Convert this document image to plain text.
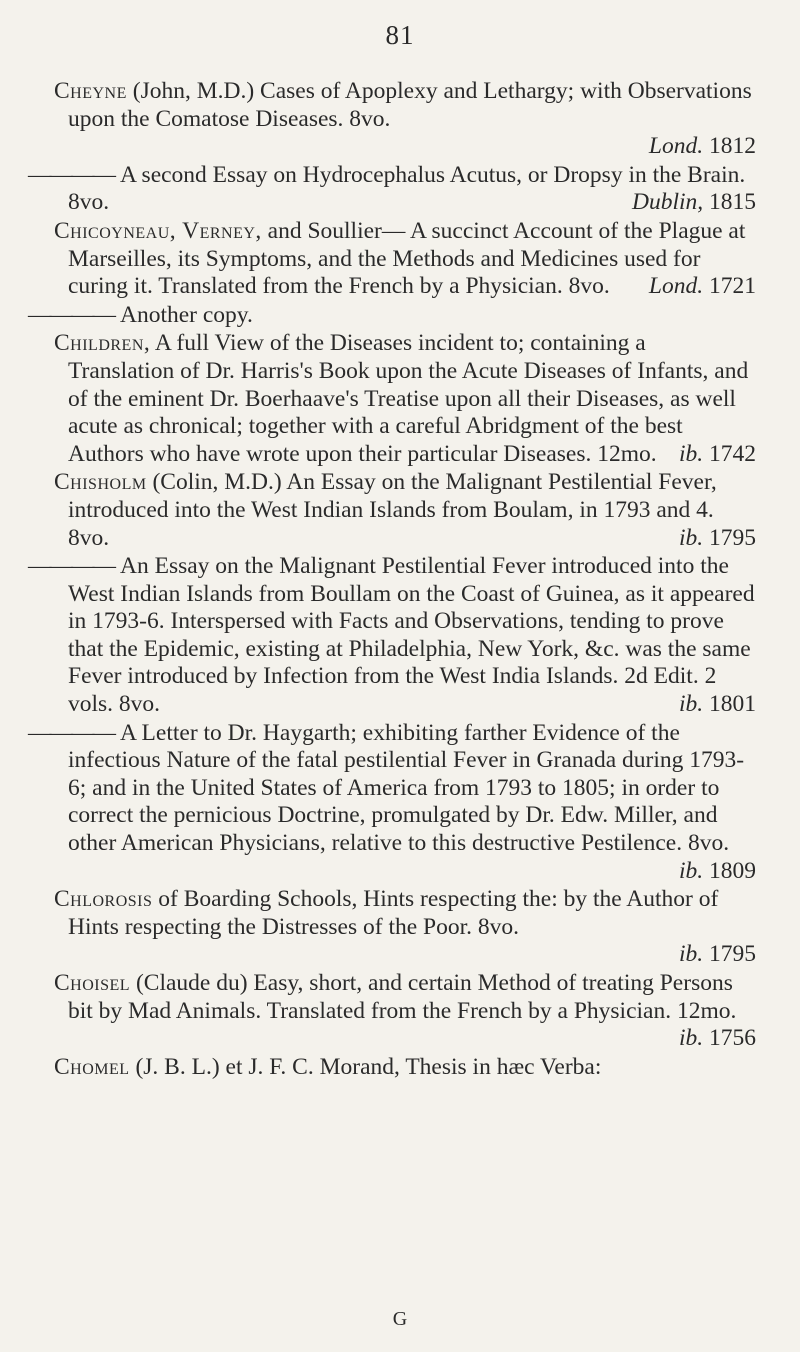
81
Cheyne (John, M.D.) Cases of Apoplexy and Lethargy; with Observations upon the Comatose Diseases. 8vo.
Lond. 1812
———— A second Essay on Hydrocephalus Acutus, or Dropsy in the Brain. 8vo.	Dublin, 1815
Chicoyneau, Verney, and Soullier— A succinct Account of the Plague at Marseilles, its Symptoms, and the Methods and Medicines used for curing it. Translated from the French by a Physician. 8vo. Lond. 1721
———— Another copy.
Children, A full View of the Diseases incident to; containing a Translation of Dr. Harris's Book upon the Acute Diseases of Infants, and of the eminent Dr. Boerhaave's Treatise upon all their Diseases, as well acute as chronical; together with a careful Abridgment of the best Authors who have wrote upon their particular Diseases. 12mo. ib. 1742
Chisholm (Colin, M.D.) An Essay on the Malignant Pestilential Fever, introduced into the West Indian Islands from Boulam, in 1793 and 4. 8vo.	ib. 1795
———— An Essay on the Malignant Pestilential Fever introduced into the West Indian Islands from Boullam on the Coast of Guinea, as it appeared in 1793-6. Interspersed with Facts and Observations, tending to prove that the Epidemic, existing at Philadelphia, New York, &c. was the same Fever introduced by Infection from the West India Islands. 2d Edit. 2 vols. 8vo.	ib. 1801
———— A Letter to Dr. Haygarth; exhibiting farther Evidence of the infectious Nature of the fatal pestilential Fever in Granada during 1793-6; and in the United States of America from 1793 to 1805; in order to correct the pernicious Doctrine, promulgated by Dr. Edw. Miller, and other American Physicians, relative to this destructive Pestilence. 8vo.
ib. 1809
Chlorosis of Boarding Schools, Hints respecting the: by the Author of Hints respecting the Distresses of the Poor. 8vo.
ib. 1795
Choisel (Claude du) Easy, short, and certain Method of treating Persons bit by Mad Animals. Translated from the French by a Physician. 12mo.
ib. 1756
Chomel (J. B. L.) et J. F. C. Morand, Thesis in hæc Verba:
G
